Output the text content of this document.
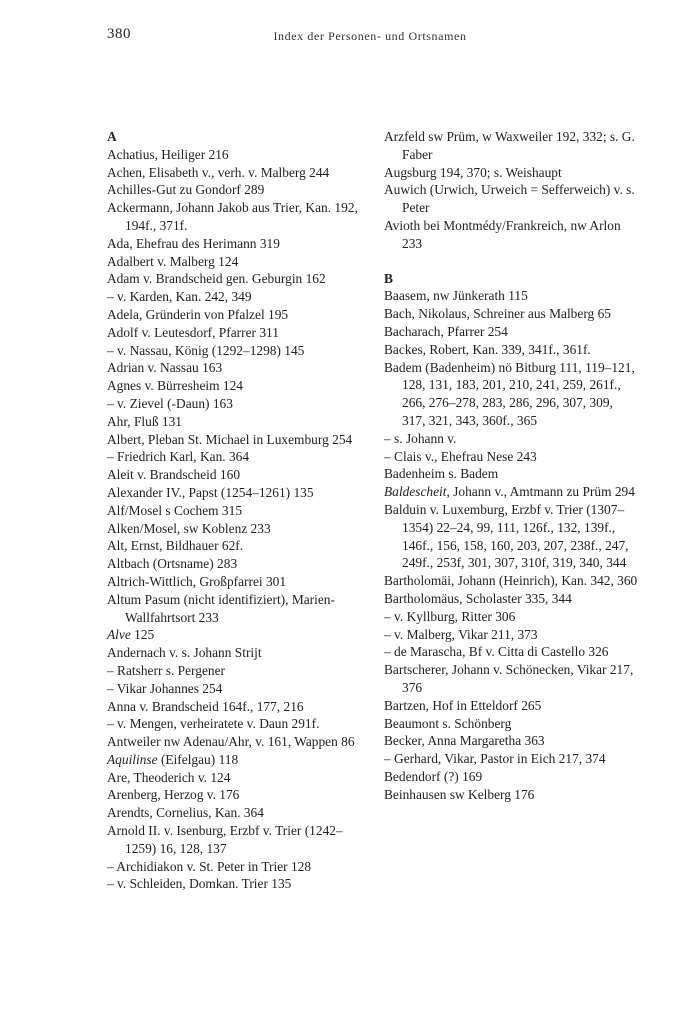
380	Index der Personen- und Ortsnamen
A
Achatius, Heiliger 216
Achen, Elisabeth v., verh. v. Malberg 244
Achilles-Gut zu Gondorf 289
Ackermann, Johann Jakob aus Trier, Kan. 192, 194f., 371f.
Ada, Ehefrau des Herimann 319
Adalbert v. Malberg 124
Adam v. Brandscheid gen. Geburgin 162
– v. Karden, Kan. 242, 349
Adela, Gründerin von Pfalzel 195
Adolf v. Leutesdorf, Pfarrer 311
– v. Nassau, König (1292–1298) 145
Adrian v. Nassau 163
Agnes v. Bürresheim 124
– v. Zievel (-Daun) 163
Ahr, Fluß 131
Albert, Pleban St. Michael in Luxemburg 254
– Friedrich Karl, Kan. 364
Aleit v. Brandscheid 160
Alexander IV., Papst (1254–1261) 135
Alf/Mosel s Cochem 315
Alken/Mosel, sw Koblenz 233
Alt, Ernst, Bildhauer 62f.
Altbach (Ortsname) 283
Altrich-Wittlich, Großpfarrei 301
Altum Pasum (nicht identifiziert), Marien-Wallfahrtsort 233
Alve 125
Andernach v. s. Johann Strijt
– Ratsherr s. Pergener
– Vikar Johannes 254
Anna v. Brandscheid 164f., 177, 216
– v. Mengen, verheiratete v. Daun 291f.
Antweiler nw Adenau/Ahr, v. 161, Wappen 86
Aquilinse (Eifelgau) 118
Are, Theoderich v. 124
Arenberg, Herzog v. 176
Arendts, Cornelius, Kan. 364
Arnold II. v. Isenburg, Erzbf v. Trier (1242–1259) 16, 128, 137
– Archidiakon v. St. Peter in Trier 128
– v. Schleiden, Domkan. Trier 135
Arzfeld sw Prüm, w Waxweiler 192, 332; s. G. Faber
Augsburg 194, 370; s. Weishaupt
Auwich (Urwich, Urweich = Sefferweich) v. s. Peter
Avioth bei Montmédy/Frankreich, nw Arlon 233
B
Baasem, nw Jünkerath 115
Bach, Nikolaus, Schreiner aus Malberg 65
Bacharach, Pfarrer 254
Backes, Robert, Kan. 339, 341f., 361f.
Badem (Badenheim) nö Bitburg 111, 119–121, 128, 131, 183, 201, 210, 241, 259, 261f., 266, 276–278, 283, 286, 296, 307, 309, 317, 321, 343, 360f., 365
– s. Johann v.
– Clais v., Ehefrau Nese 243
Badenheim s. Badem
Baldescheit, Johann v., Amtmann zu Prüm 294
Balduin v. Luxemburg, Erzbf v. Trier (1307–1354) 22–24, 99, 111, 126f., 132, 139f., 146f., 156, 158, 160, 203, 207, 238f., 247, 249f., 253f, 301, 307, 310f, 319, 340, 344
Bartholomäi, Johann (Heinrich), Kan. 342, 360
Bartholomäus, Scholaster 335, 344
– v. Kyllburg, Ritter 306
– v. Malberg, Vikar 211, 373
– de Marascha, Bf v. Citta di Castello 326
Bartscherer, Johann v. Schönecken, Vikar 217, 376
Bartzen, Hof in Etteldorf 265
Beaumont s. Schönberg
Becker, Anna Margaretha 363
– Gerhard, Vikar, Pastor in Eich 217, 374
Bedendorf (?) 169
Beinhausen sw Kelberg 176
